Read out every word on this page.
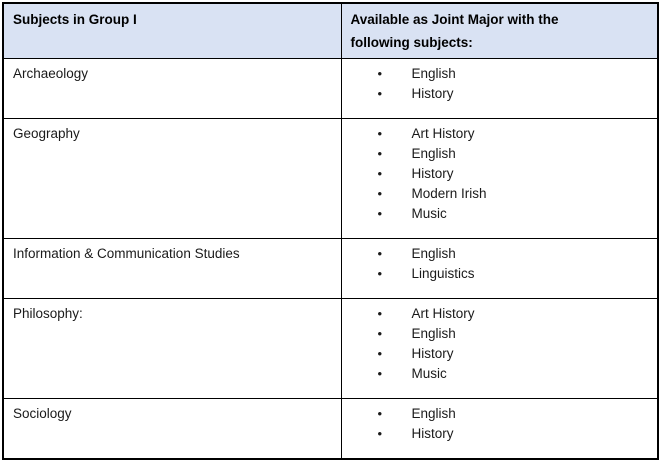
Subjects in Group I	Available as Joint Major with the
following subjects:

Archaeology	•	English
•	History

Geography	•	Art History
•	English
•	History
•	Modern Irish
•	Music

Information & Communication Studies	•	English
•	Linguistics

Philosophy:	•	Art History
•	English
•	History
•	Music

Sociology	•	English
•	History
